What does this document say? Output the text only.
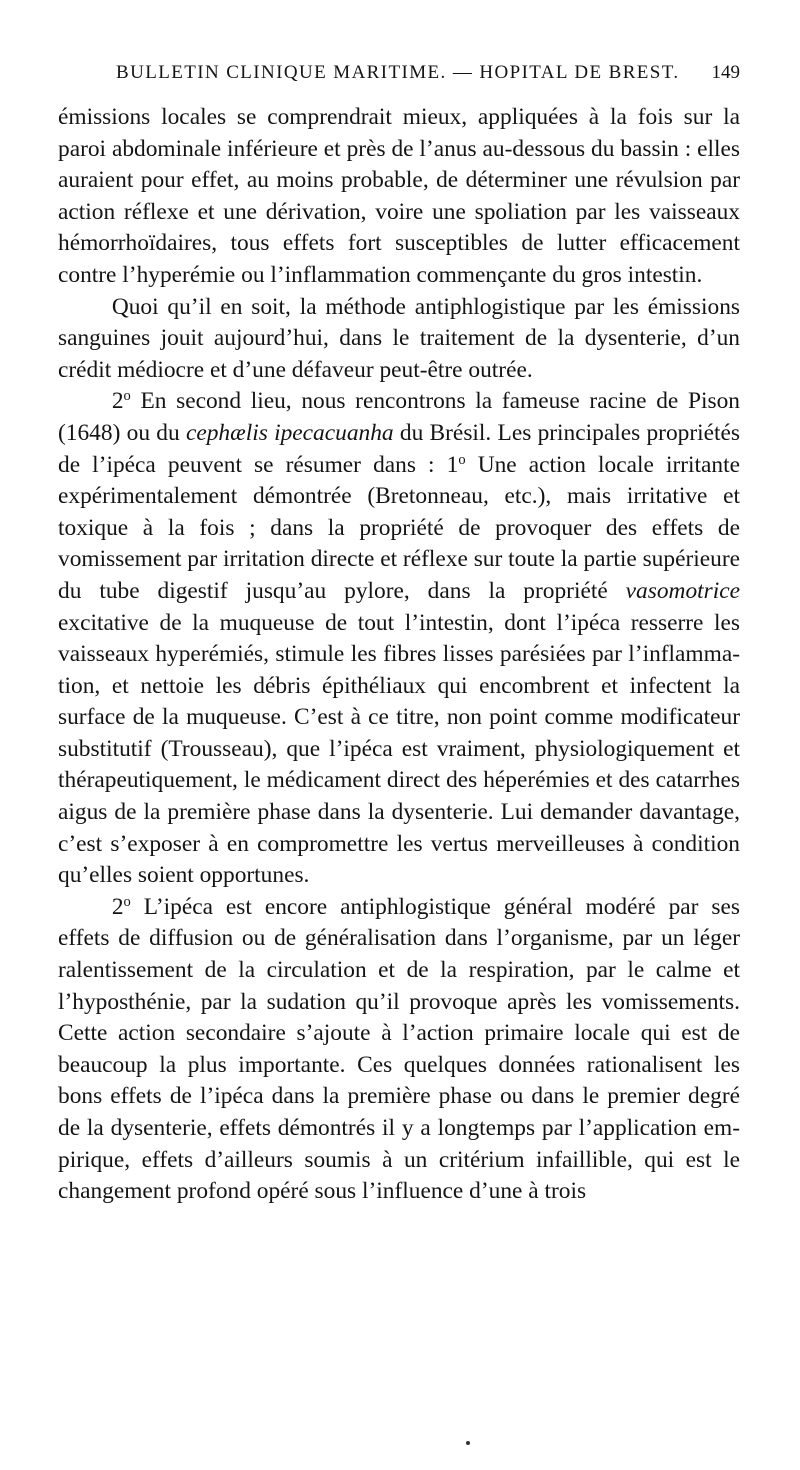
BULLETIN CLINIQUE MARITIME. — HOPITAL DE BREST. 149

émissions locales se comprendrait mieux, appliquées à la fois sur la paroi abdominale inférieure et près de l’anus au-dessous du bassin : elles auraient pour effet, au moins probable, de déterminer une révulsion par action réflexe et une dérivation, voire une spoliation par les vaisseaux hémorrhoïdaires, tous effets fort susceptibles de lutter efficacement contre l’hyperémie ou l’inflammation commençante du gros intestin.

Quoi qu’il en soit, la méthode antiphlogistique par les émissions sanguines jouit aujourd’hui, dans le traitement de la dysenterie, d’un crédit médiocre et d’une défaveur peut-être outrée.

2$^o$ En second lieu, nous rencontrons la fameuse racine de Pison (1648) ou du cephælis ipecacuanha du Brésil. Les principales propriétés de l’ipéca peuvent se résumer dans : 1$^o$ Une action locale irritante expérimentalement démontrée (Bretonneau, etc.), mais irritative et toxique à la fois ; dans la propriété de provoquer des effets de vomissement par irritation directe et réflexe sur toute la partie supérieure du tube digestif jusqu’au pylore, dans la propriété vasomotrice excitative de la muqueuse de tout l’intestin, dont l’ipéca resserre les vaisseaux hyperémiés, stimule les fibres lisses parésiées par l’inflammation, et nettoie les débris épithéliaux qui encombrent et infectent la surface de la muqueuse. C’est à ce titre, non point comme modificateur substitutif (Trousseau), que l’ipéca est vraiment, physiologiquement et thérapeutiquement, le médicament direct des héperémies et des catarrhes aigus de la première phase dans la dysenterie. Lui demander davantage, c’est s’exposer à en compromettre les vertus merveilleuses à condition qu’elles soient opportunes.

2$^o$ L’ipéca est encore antiphlogistique général modéré par ses effets de diffusion ou de généralisation dans l’organisme, par un léger ralentissement de la circulation et de la respiration, par le calme et l’hyposthénie, par la sudation qu’il provoque après les vomissements. Cette action secondaire s’ajoute à l’action primaire locale qui est de beaucoup la plus importante. Ces quelques données rationalisent les bons effets de l’ipéca dans la première phase ou dans le premier degré de la dysenterie, effets démontrés il y a longtemps par l’application empirique, effets d’ailleurs soumis à un critérium infaillible, qui est le changement profond opéré sous l’influence d’une à trois
